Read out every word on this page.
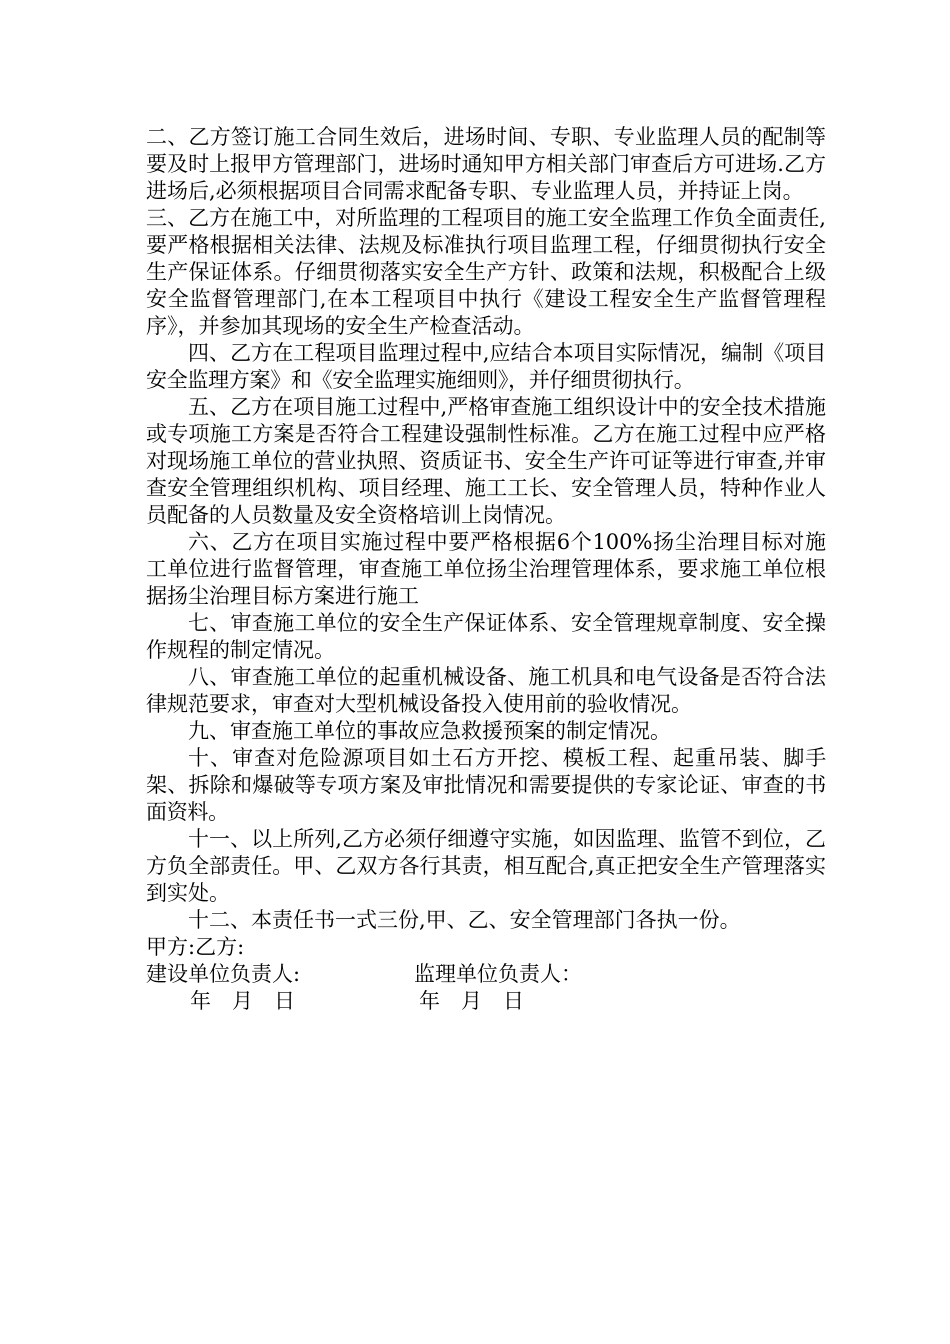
二、乙方签订施工合同生效后，进场时间、专职、专业监理人员的配制等要及时上报甲方管理部门，进场时通知甲方相关部门审查后方可进场.乙方进场后,必须根据项目合同需求配备专职、专业监理人员，并持证上岗。

三、乙方在施工中，对所监理的工程项目的施工安全监理工作负全面责任,要严格根据相关法律、法规及标准执行项目监理工程，仔细贯彻执行安全生产保证体系。仔细贯彻落实安全生产方针、政策和法规，积极配合上级安全监督管理部门,在本工程项目中执行《建设工程安全生产监督管理程序》，并参加其现场的安全生产检查活动。

四、乙方在工程项目监理过程中,应结合本项目实际情况，编制《项目安全监理方案》和《安全监理实施细则》，并仔细贯彻执行。

五、乙方在项目施工过程中,严格审查施工组织设计中的安全技术措施或专项施工方案是否符合工程建设强制性标准。乙方在施工过程中应严格对现场施工单位的营业执照、资质证书、安全生产许可证等进行审查,并审查安全管理组织机构、项目经理、施工工长、安全管理人员，特种作业人员配备的人员数量及安全资格培训上岗情况。

六、乙方在项目实施过程中要严格根据6个100%扬尘治理目标对施工单位进行监督管理，审查施工单位扬尘治理管理体系，要求施工单位根据扬尘治理目标方案进行施工

七、审查施工单位的安全生产保证体系、安全管理规章制度、安全操作规程的制定情况。

八、审查施工单位的起重机械设备、施工机具和电气设备是否符合法律规范要求，审查对大型机械设备投入使用前的验收情况。

九、审查施工单位的事故应急救援预案的制定情况。

十、审查对危险源项目如土石方开挖、模板工程、起重吊装、脚手架、拆除和爆破等专项方案及审批情况和需要提供的专家论证、审查的书面资料。

十一、以上所列,乙方必须仔细遵守实施，如因监理、监管不到位，乙方负全部责任。甲、乙双方各行其责，相互配合,真正把安全生产管理落实到实处。

十二、本责任书一式三份,甲、乙、安全管理部门各执一份。

甲方:乙方:

建设单位负责人:	监理单位负责人：
年　月　日	年　月　日
